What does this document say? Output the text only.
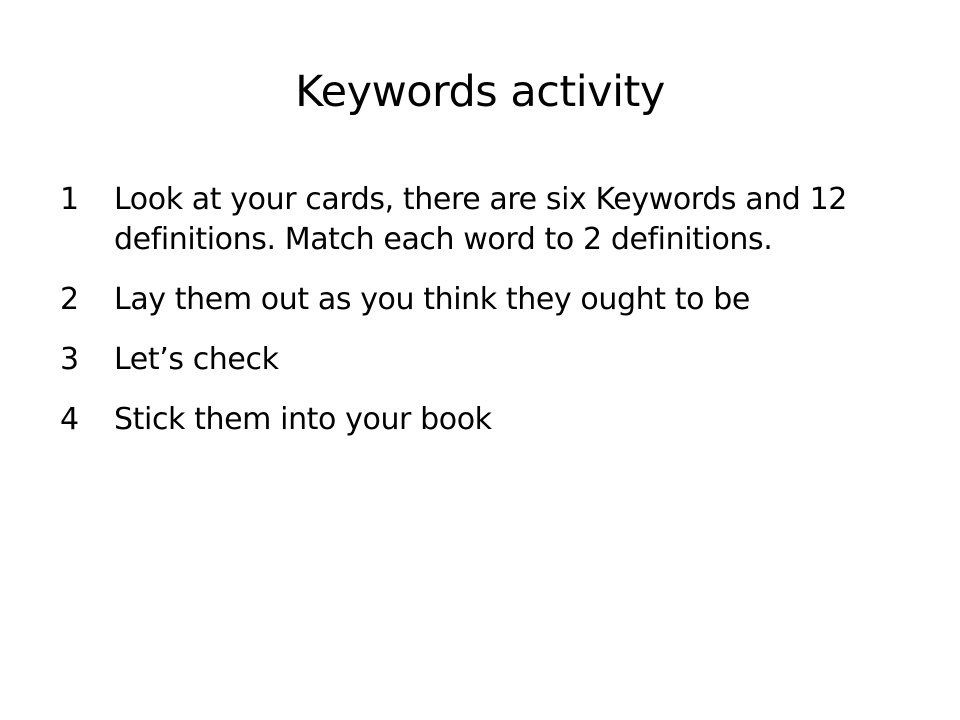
Keywords activity
1	Look at your cards, there are six Keywords and 12 definitions. Match each word to 2 definitions.
2	Lay them out as you think they ought to be
3	Let’s check
4	Stick them into your book
